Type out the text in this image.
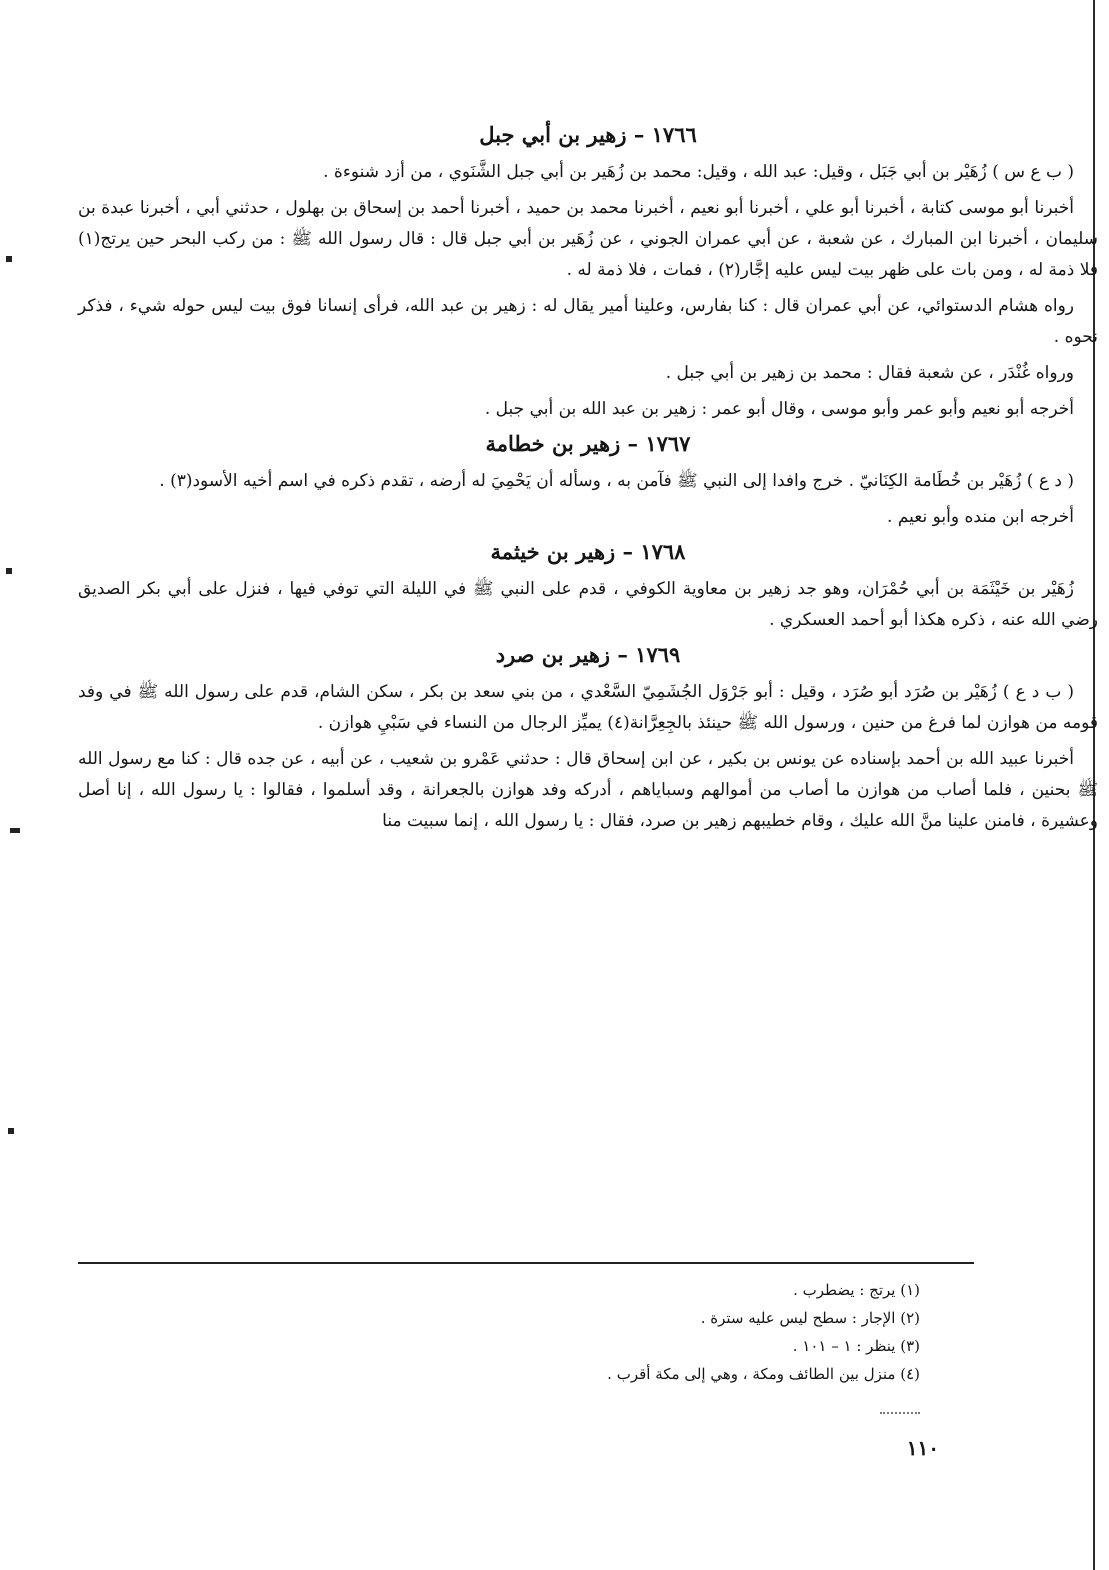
١٧٦٦ – زهير بن أبي جبل

( ب ع س ) زُهَيْر بن أبي جَبَل ، وقيل: عبد الله ، وقيل: محمد بن زُهَير بن أبي جبل الشَّنَوي ، من أزد شنوءة .

أخبرنا أبو موسى كتابة ، أخبرنا أبو علي ، أخبرنا أبو نعيم ، أخبرنا محمد بن حميد ، أخبرنا أحمد بن إسحاق بن بهلول ، حدثني أبي ، أخبرنا عبدة بن سليمان ، أخبرنا ابن المبارك ، عن شعبة ، عن أبي عمران الجوني ، عن زُهَير بن أبي جبل قال : قال رسول الله ﷺ : من ركب البحر حين يرتج(١) فلا ذمة له ، ومن بات على ظهر بيت ليس عليه إجَّار(٢) ، فمات ، فلا ذمة له .

رواه هشام الدستوائي، عن أبي عمران قال : كنا بفارس، وعلينا أمير يقال له : زهير بن عبد الله، فرأى إنسانا فوق بيت ليس حوله شيء ، فذكر نحوه .

ورواه غُنْدَر ، عن شعبة فقال : محمد بن زهير بن أبي جبل .

أخرجه أبو نعيم وأبو عمر وأبو موسى ، وقال أبو عمر : زهير بن عبد الله بن أبي جبل .

١٧٦٧ – زهير بن خطامة

( د ع ) زُهَيْر بن خُطَامة الكِنَانيّ . خرج وافدا إلى النبي ﷺ فآمن به ، وسأله أن يَحْمِيَ له أرضه ، تقدم ذكره في اسم أخيه الأسود(٣) .

أخرجه ابن منده وأبو نعيم .

١٧٦٨ – زهير بن خيثمة

زُهَيْر بن خَيْثَمَة بن أبي حُمْرَان، وهو جد زهير بن معاوية الكوفي ، قدم على النبي ﷺ في الليلة التي توفي فيها ، فنزل على أبي بكر الصديق رضي الله عنه ، ذكره هكذا أبو أحمد العسكري .

١٧٦٩ – زهير بن صرد

( ب د ع ) زُهَيْر بن صُرَد أبو صُرَد ، وقيل : أبو جَرْوَل الجُشَمِيّ السَّعْدي ، من بني سعد بن بكر ، سكن الشام، قدم على رسول الله ﷺ في وفد قومه من هوازن لما فرغ من حنين ، ورسول الله ﷺ حينئذ بالجِعِرَّانة(٤) يميِّز الرجال من النساء في سَبْيِ هوازن .

أخبرنا عبيد الله بن أحمد بإسناده عن يونس بن بكير ، عن ابن إسحاق قال : حدثني عَمْرو بن شعيب ، عن أبيه ، عن جده قال : كنا مع رسول الله ﷺ بحنين ، فلما أصاب من هوازن ما أصاب من أموالهم وسباياهم ، أدركه وفد هوازن بالجعرانة ، وقد أسلموا ، فقالوا : يا رسول الله ، إنا أصل وعشيرة ، فامنن علينا منَّ الله عليك ، وقام خطيبهم زهير بن صرد، فقال : يا رسول الله ، إنما سبيت منا

(١) يرتج : يضطرب .
(٢) الإجار : سطح ليس عليه سترة .
(٣) ينظر : ١ – ١٠١ .
(٤) منزل بين الطائف ومكة ، وهي إلى مكة أقرب .
١١٠
